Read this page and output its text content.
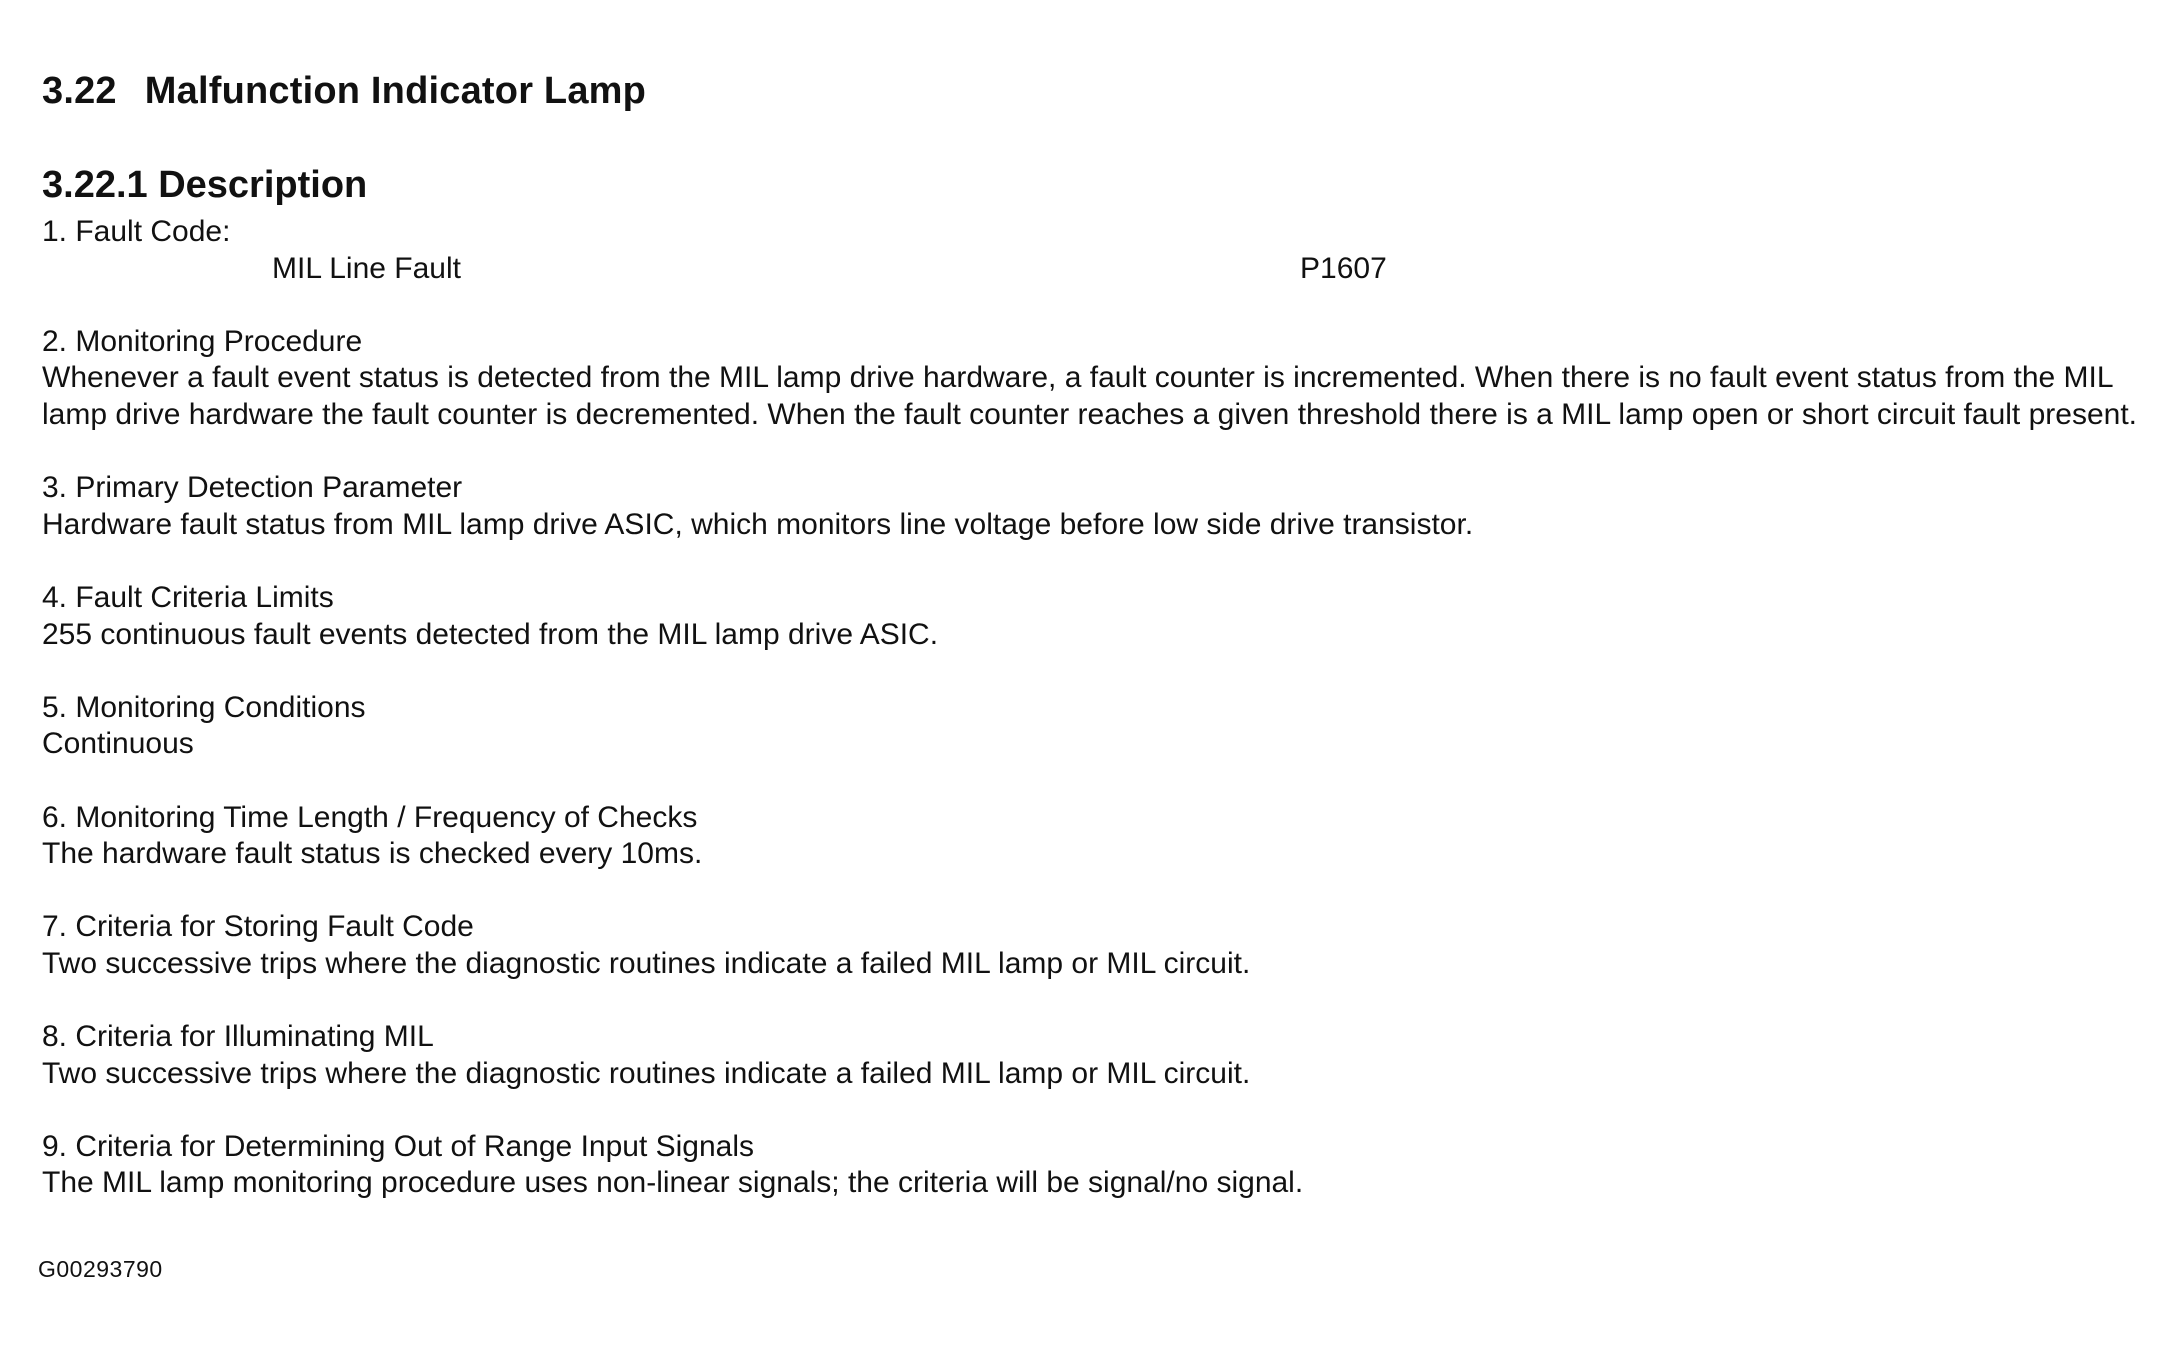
3.22 Malfunction Indicator Lamp
3.22.1 Description
1. Fault Code:
MIL Line Fault	P1607
2. Monitoring Procedure
Whenever a fault event status is detected from the MIL lamp drive hardware, a fault counter is incremented. When there is no fault event status from the MIL lamp drive hardware the fault counter is decremented. When the fault counter reaches a given threshold there is a MIL lamp open or short circuit fault present.
3. Primary Detection Parameter
Hardware fault status from MIL lamp drive ASIC, which monitors line voltage before low side drive transistor.
4. Fault Criteria Limits
255 continuous fault events detected from the MIL lamp drive ASIC.
5. Monitoring Conditions
Continuous
6. Monitoring Time Length / Frequency of Checks
The hardware fault status is checked every 10ms.
7. Criteria for Storing Fault Code
Two successive trips where the diagnostic routines indicate a failed MIL lamp or MIL circuit.
8. Criteria for Illuminating MIL
Two successive trips where the diagnostic routines indicate a failed MIL lamp or MIL circuit.
9. Criteria for Determining Out of Range Input Signals
The MIL lamp monitoring procedure uses non-linear signals; the criteria will be signal/no signal.
G00293790
